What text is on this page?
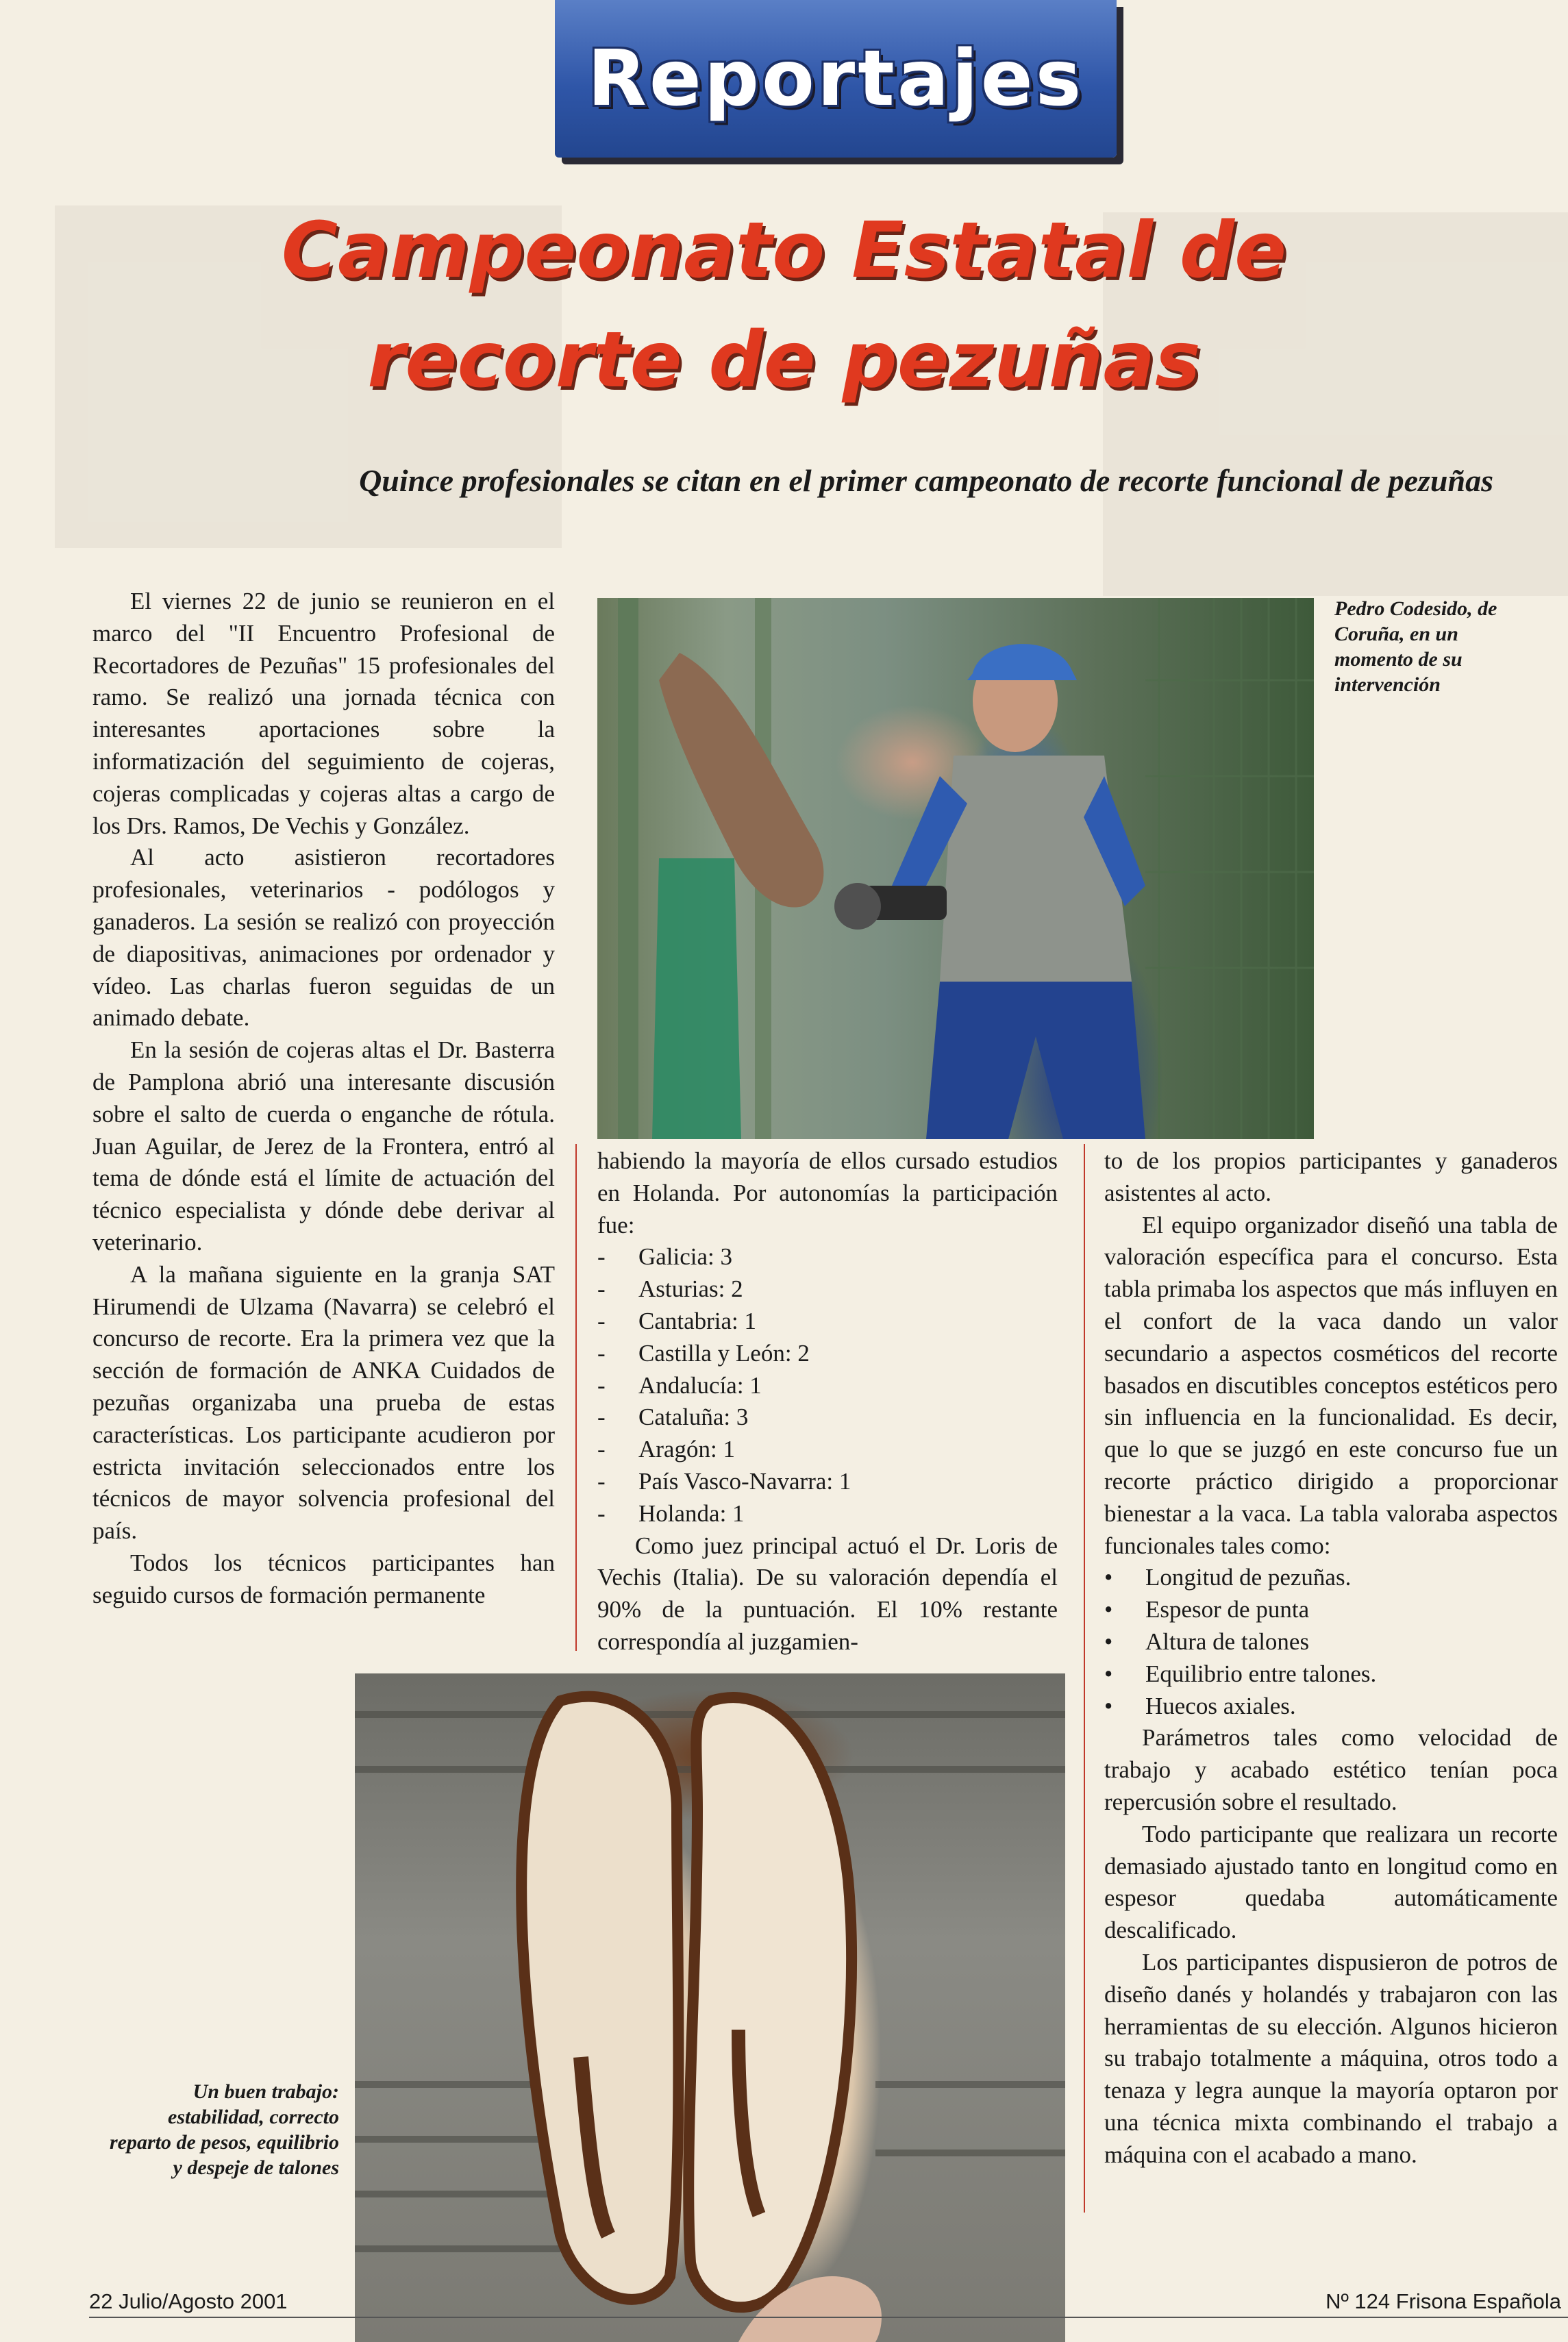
Reportajes
Campeonato Estatal de
recorte de pezuñas
Quince profesionales se citan en el primer campeonato de recorte funcional de pezuñas
Pedro Codesido, de Coruña, en un momento de su intervención
Un buen trabajo: estabilidad, correcto reparto de pesos, equilibrio y despeje de talones

El viernes 22 de junio se reunieron en el marco del "II Encuentro Profesional de Recortadores de Pezuñas" 15 profesionales del ramo. Se realizó una jornada técnica con interesantes aportaciones sobre la informatización del seguimiento de cojeras, cojeras complicadas y cojeras altas a cargo de los Drs. Ramos, De Vechis y González.

Al acto asistieron recortadores profesionales, veterinarios - podólogos y ganaderos. La sesión se realizó con proyección de diapositivas, animaciones por ordenador y vídeo. Las charlas fueron seguidas de un animado debate.

En la sesión de cojeras altas el Dr. Basterra de Pamplona abrió una interesante discusión sobre el salto de cuerda o enganche de rótula. Juan Aguilar, de Jerez de la Frontera, entró al tema de dónde está el límite de actuación del técnico especialista y dónde debe derivar al veterinario.

A la mañana siguiente en la granja SAT Hirumendi de Ulzama (Navarra) se celebró el concurso de recorte. Era la primera vez que la sección de formación de ANKA Cuidados de pezuñas organizaba una prueba de estas características. Los participante acudieron por estricta invitación seleccionados entre los técnicos de mayor solvencia profesional del país.

Todos los técnicos participantes han seguido cursos de formación permanente

habiendo la mayoría de ellos cursado estudios en Holanda. Por autonomías la participación fue:

- Galicia: 3
- Asturias: 2
- Cantabria: 1
- Castilla y León: 2
- Andalucía: 1
- Cataluña: 3
- Aragón: 1
- País Vasco-Navarra: 1
- Holanda: 1

Como juez principal actuó el Dr. Loris de Vechis (Italia). De su valoración dependía el 90% de la puntuación. El 10% restante correspondía al juzgamien-

to de los propios participantes y ganaderos asistentes al acto.

El equipo organizador diseñó una tabla de valoración específica para el concurso. Esta tabla primaba los aspectos que más influyen en el confort de la vaca dando un valor secundario a aspectos cosméticos del recorte basados en discutibles conceptos estéticos pero sin influencia en la funcionalidad. Es decir, que lo que se juzgó en este concurso fue un recorte práctico dirigido a proporcionar bienestar a la vaca. La tabla valoraba aspectos funcionales tales como:

• Longitud de pezuñas.
• Espesor de punta
• Altura de talones
• Equilibrio entre talones.
• Huecos axiales.

Parámetros tales como velocidad de trabajo y acabado estético tenían poca repercusión sobre el resultado.

Todo participante que realizara un recorte demasiado ajustado tanto en longitud como en espesor quedaba automáticamente descalificado.

Los participantes dispusieron de potros de diseño danés y holandés y trabajaron con las herramientas de su elección. Algunos hicieron su trabajo totalmente a máquina, otros todo a tenaza y legra aunque la mayoría optaron por una técnica mixta combinando el trabajo a máquina con el acabado a mano.

22 Julio/Agosto 2001	Nº 124 Frisona Española
